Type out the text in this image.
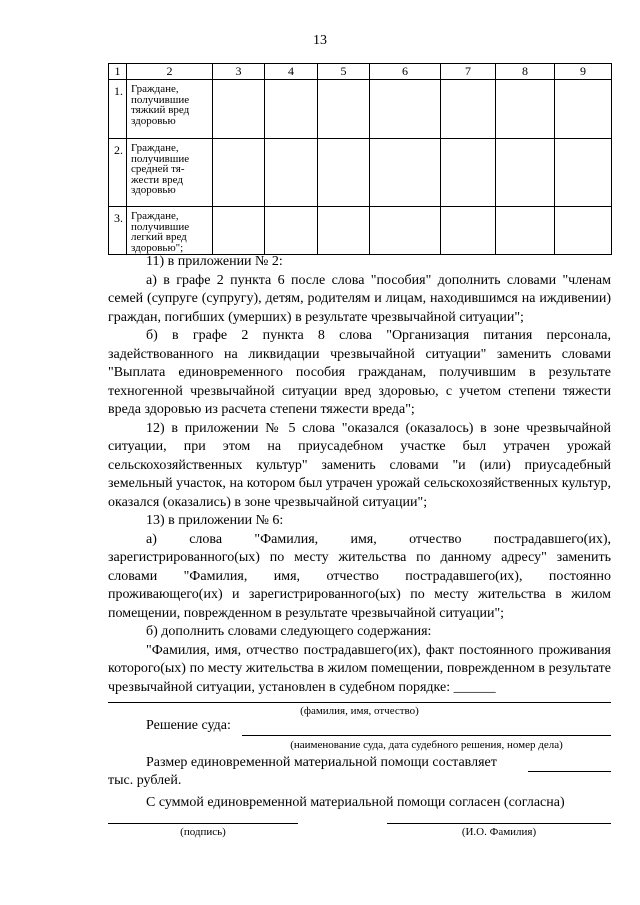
13
1	2	3	4	5	6	7	8	9
1.	Граждане,
получившие
тяжкий вред
здоровью							

2.	Граждане,
получившие
средней тя-
жести вред
здоровью							

3.	Граждане,
получившие
легкий вред
здоровью";							

11) в приложении № 2:

а) в графе 2 пункта 6 после слова "пособия" дополнить словами "членам семей (супруге (супругу), детям, родителям и лицам, находившимся на иждивении) граждан, погибших (умерших) в результате чрезвычайной ситуации";

б) в графе 2 пункта 8 слова "Организация питания персонала, задействованного на ликвидации чрезвычайной ситуации" заменить словами "Выплата единовременного пособия гражданам, получившим в результате техногенной чрезвычайной ситуации вред здоровью, с учетом степени тяжести вреда здоровью из расчета степени тяжести вреда";

12) в приложении № 5 слова "оказался (оказалось) в зоне чрезвычайной ситуации, при этом на приусадебном участке был утрачен урожай сельскохозяйственных культур" заменить словами "и (или) приусадебный земельный участок, на котором был утрачен урожай сельскохозяйственных культур, оказался (оказались) в зоне чрезвычайной ситуации";

13) в приложении № 6:

а) слова "Фамилия, имя, отчество пострадавшего(их), зарегистрированного(ых) по месту жительства по данному адресу" заменить словами "Фамилия, имя, отчество пострадавшего(их), постоянно проживающего(их) и зарегистрированного(ых) по месту жительства в жилом помещении, поврежденном в результате чрезвычайной ситуации";

б) дополнить словами следующего содержания:

"Фамилия, имя, отчество пострадавшего(их), факт постоянного проживания которого(ых) по месту жительства в жилом помещении, поврежденном в результате чрезвычайной ситуации, установлен в судебном порядке: ______

(фамилия, имя, отчество)
Решение суда:
(наименование суда, дата судебного решения, номер дела)
Размер единовременной материальной помощи составляет
тыс. рублей.
С суммой единовременной материальной помощи согласен (согласна)
(подпись)	(И.О. Фамилия)
